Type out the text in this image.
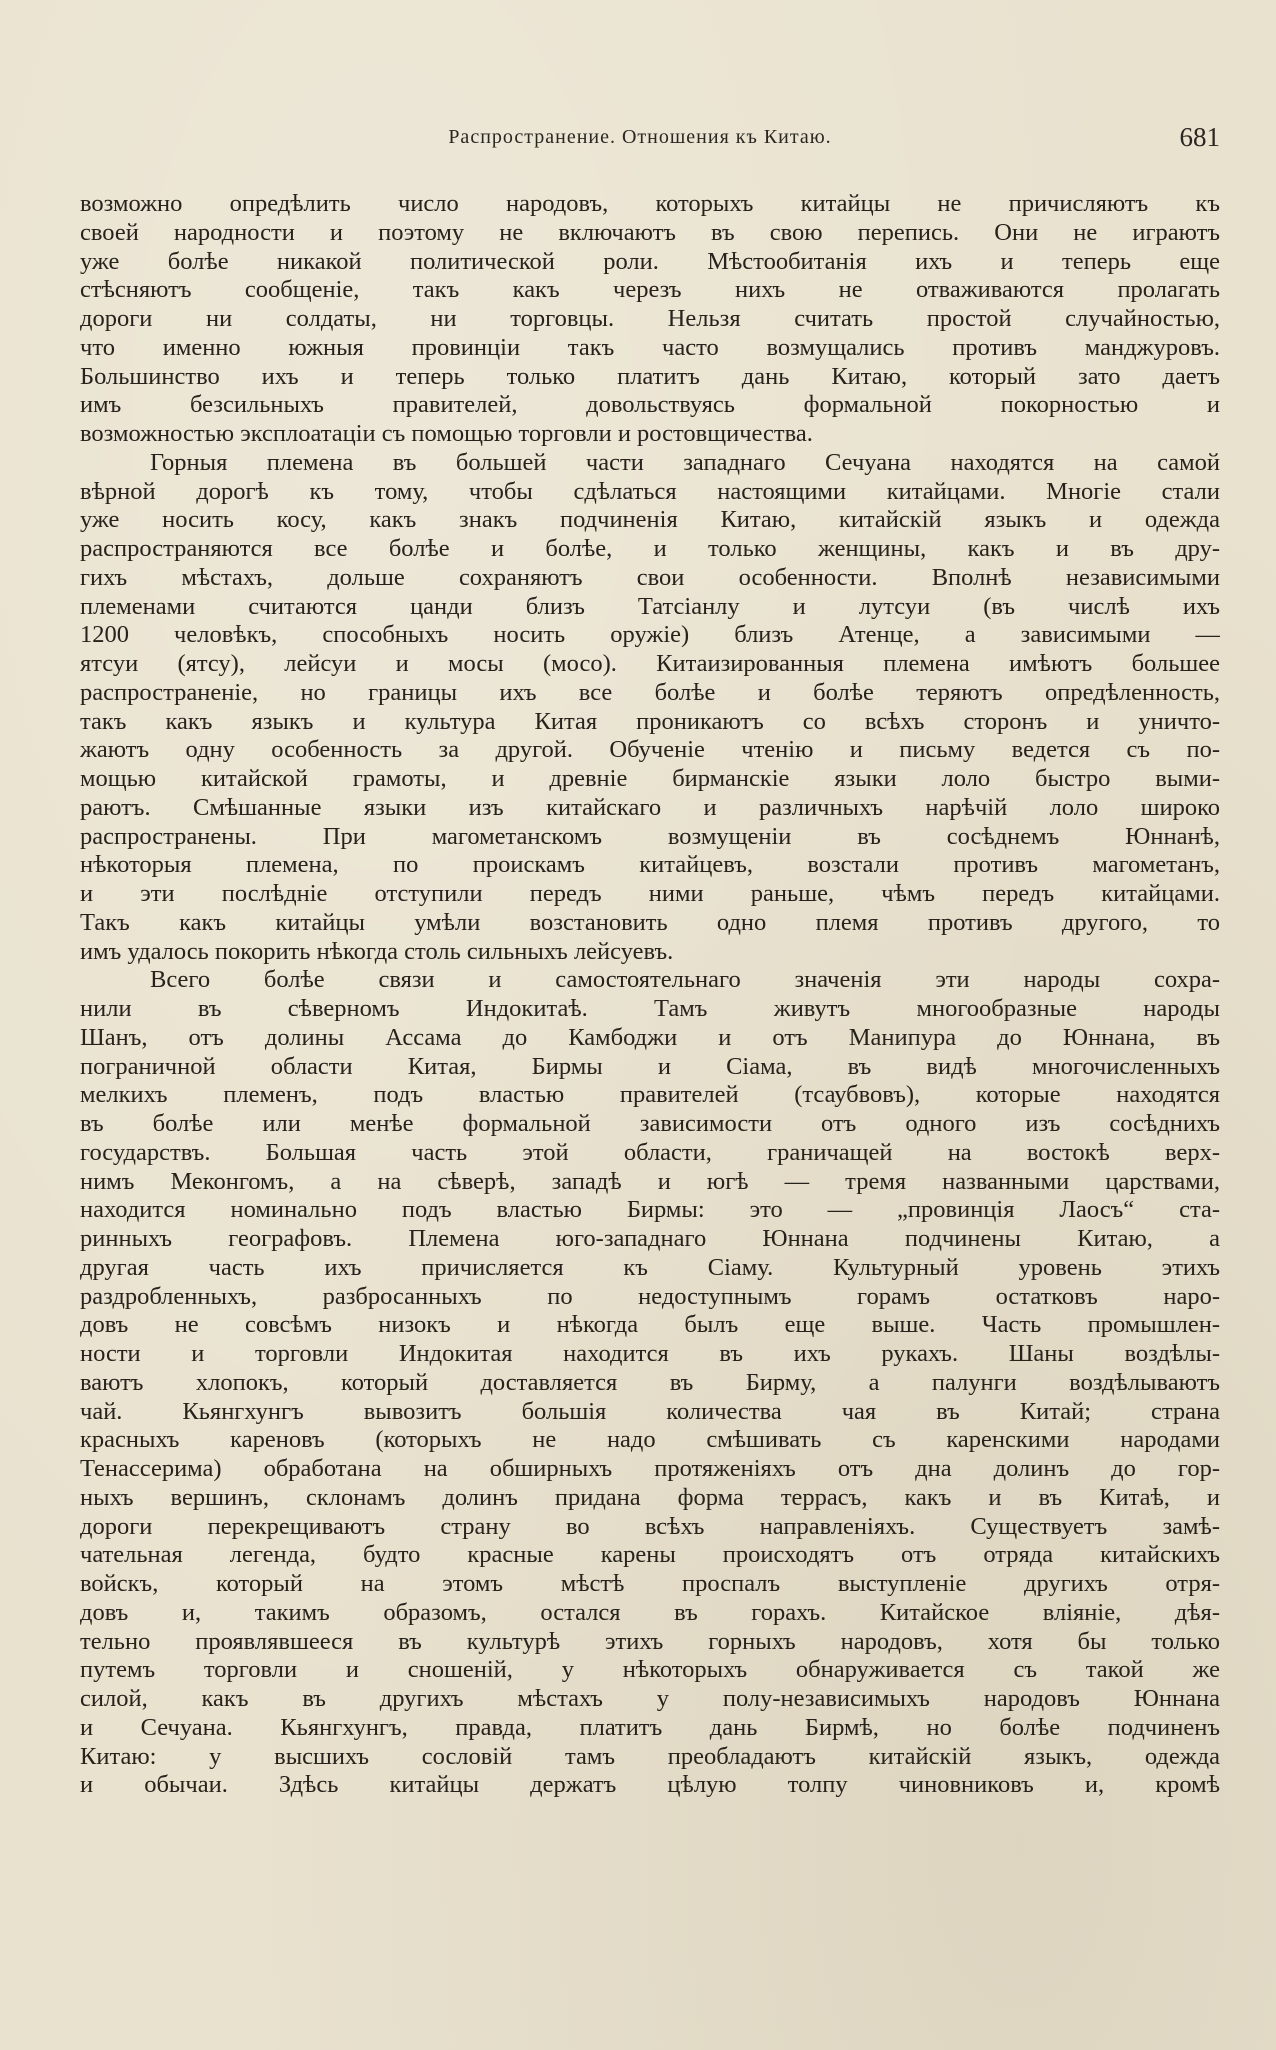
Распространение. Отношения къ Китаю.	681
возможно опредѣлить число народовъ, которыхъ китайцы не причисляютъ къ
своей народности и поэтому не включаютъ въ свою перепись. Они не играютъ
уже болѣе никакой политической роли. Мѣстообитанія ихъ и теперь еще
стѣсняютъ сообщеніе, такъ какъ черезъ нихъ не отваживаются пролагать
дороги ни солдаты, ни торговцы. Нельзя считать простой случайностью,
что именно южныя провинціи такъ часто возмущались противъ манджуровъ.
Большинство ихъ и теперь только платитъ дань Китаю, который зато даетъ
имъ безсильныхъ правителей, довольствуясь формальной покорностью и
возможностью эксплоатаціи съ помощью торговли и ростовщичества.
Горныя племена въ большей части западнаго Сечуана находятся на самой
вѣрной дорогѣ къ тому, чтобы сдѣлаться настоящими китайцами. Многіе стали
уже носить косу, какъ знакъ подчиненія Китаю, китайскій языкъ и одежда
распространяются все болѣе и болѣе, и только женщины, какъ и въ дру-
гихъ мѣстахъ, дольше сохраняютъ свои особенности. Вполнѣ независимыми
племенами считаются цанди близъ Татсіанлу и лутсуи (въ числѣ ихъ
1200 человѣкъ, способныхъ носить оружіе) близъ Атенце, а зависимыми —
ятсуи (ятсу), лейсуи и мосы (мосо). Китаизированныя племена имѣютъ большее
распространеніе, но границы ихъ все болѣе и болѣе теряютъ опредѣленность,
такъ какъ языкъ и культура Китая проникаютъ со всѣхъ сторонъ и уничто-
жаютъ одну особенность за другой. Обученіе чтенію и письму ведется съ по-
мощью китайской грамоты, и древніе бирманскіе языки лоло быстро выми-
раютъ. Смѣшанные языки изъ китайскаго и различныхъ нарѣчій лоло широко
распространены. При магометанскомъ возмущеніи въ сосѣднемъ Юннанѣ,
нѣкоторыя племена, по проискамъ китайцевъ, возстали противъ магометанъ,
и эти послѣдніе отступили передъ ними раньше, чѣмъ передъ китайцами.
Такъ какъ китайцы умѣли возстановить одно племя противъ другого, то
имъ удалось покорить нѣкогда столь сильныхъ лейсуевъ.
Всего болѣе связи и самостоятельнаго значенія эти народы сохра-
нили въ сѣверномъ Индокитаѣ. Тамъ живутъ многообразные народы
Шанъ, отъ долины Ассама до Камбоджи и отъ Манипура до Юннана, въ
пограничной области Китая, Бирмы и Сіама, въ видѣ многочисленныхъ
мелкихъ племенъ, подъ властью правителей (тсаубвовъ), которые находятся
въ болѣе или менѣе формальной зависимости отъ одного изъ сосѣднихъ
государствъ. Большая часть этой области, граничащей на востокѣ верх-
нимъ Меконгомъ, а на сѣверѣ, западѣ и югѣ — тремя названными царствами,
находится номинально подъ властью Бирмы: это — „провинція Лаосъ“ ста-
ринныхъ географовъ. Племена юго-западнаго Юннана подчинены Китаю, а
другая часть ихъ причисляется къ Сіаму. Культурный уровень этихъ
раздробленныхъ, разбросанныхъ по недоступнымъ горамъ остатковъ наро-
довъ не совсѣмъ низокъ и нѣкогда былъ еще выше. Часть промышлен-
ности и торговли Индокитая находится въ ихъ рукахъ. Шаны воздѣлы-
ваютъ хлопокъ, который доставляется въ Бирму, а палунги воздѣлываютъ
чай. Кьянгхунгъ вывозитъ большія количества чая въ Китай; страна
красныхъ кареновъ (которыхъ не надо смѣшивать съ каренскими народами
Тенассерима) обработана на обширныхъ протяженіяхъ отъ дна долинъ до гор-
ныхъ вершинъ, склонамъ долинъ придана форма террасъ, какъ и въ Китаѣ, и
дороги перекрещиваютъ страну во всѣхъ направленіяхъ. Существуетъ замѣ-
чательная легенда, будто красные карены происходятъ отъ отряда китайскихъ
войскъ, который на этомъ мѣстѣ проспалъ выступленіе другихъ отря-
довъ и, такимъ образомъ, остался въ горахъ. Китайское вліяніе, дѣя-
тельно проявлявшееся въ культурѣ этихъ горныхъ народовъ, хотя бы только
путемъ торговли и сношеній, у нѣкоторыхъ обнаруживается съ такой же
силой, какъ въ другихъ мѣстахъ у полу-независимыхъ народовъ Юннана
и Сечуана. Кьянгхунгъ, правда, платитъ дань Бирмѣ, но болѣе подчиненъ
Китаю: у высшихъ сословій тамъ преобладаютъ китайскій языкъ, одежда
и обычаи. Здѣсь китайцы держатъ цѣлую толпу чиновниковъ и, кромѣ
